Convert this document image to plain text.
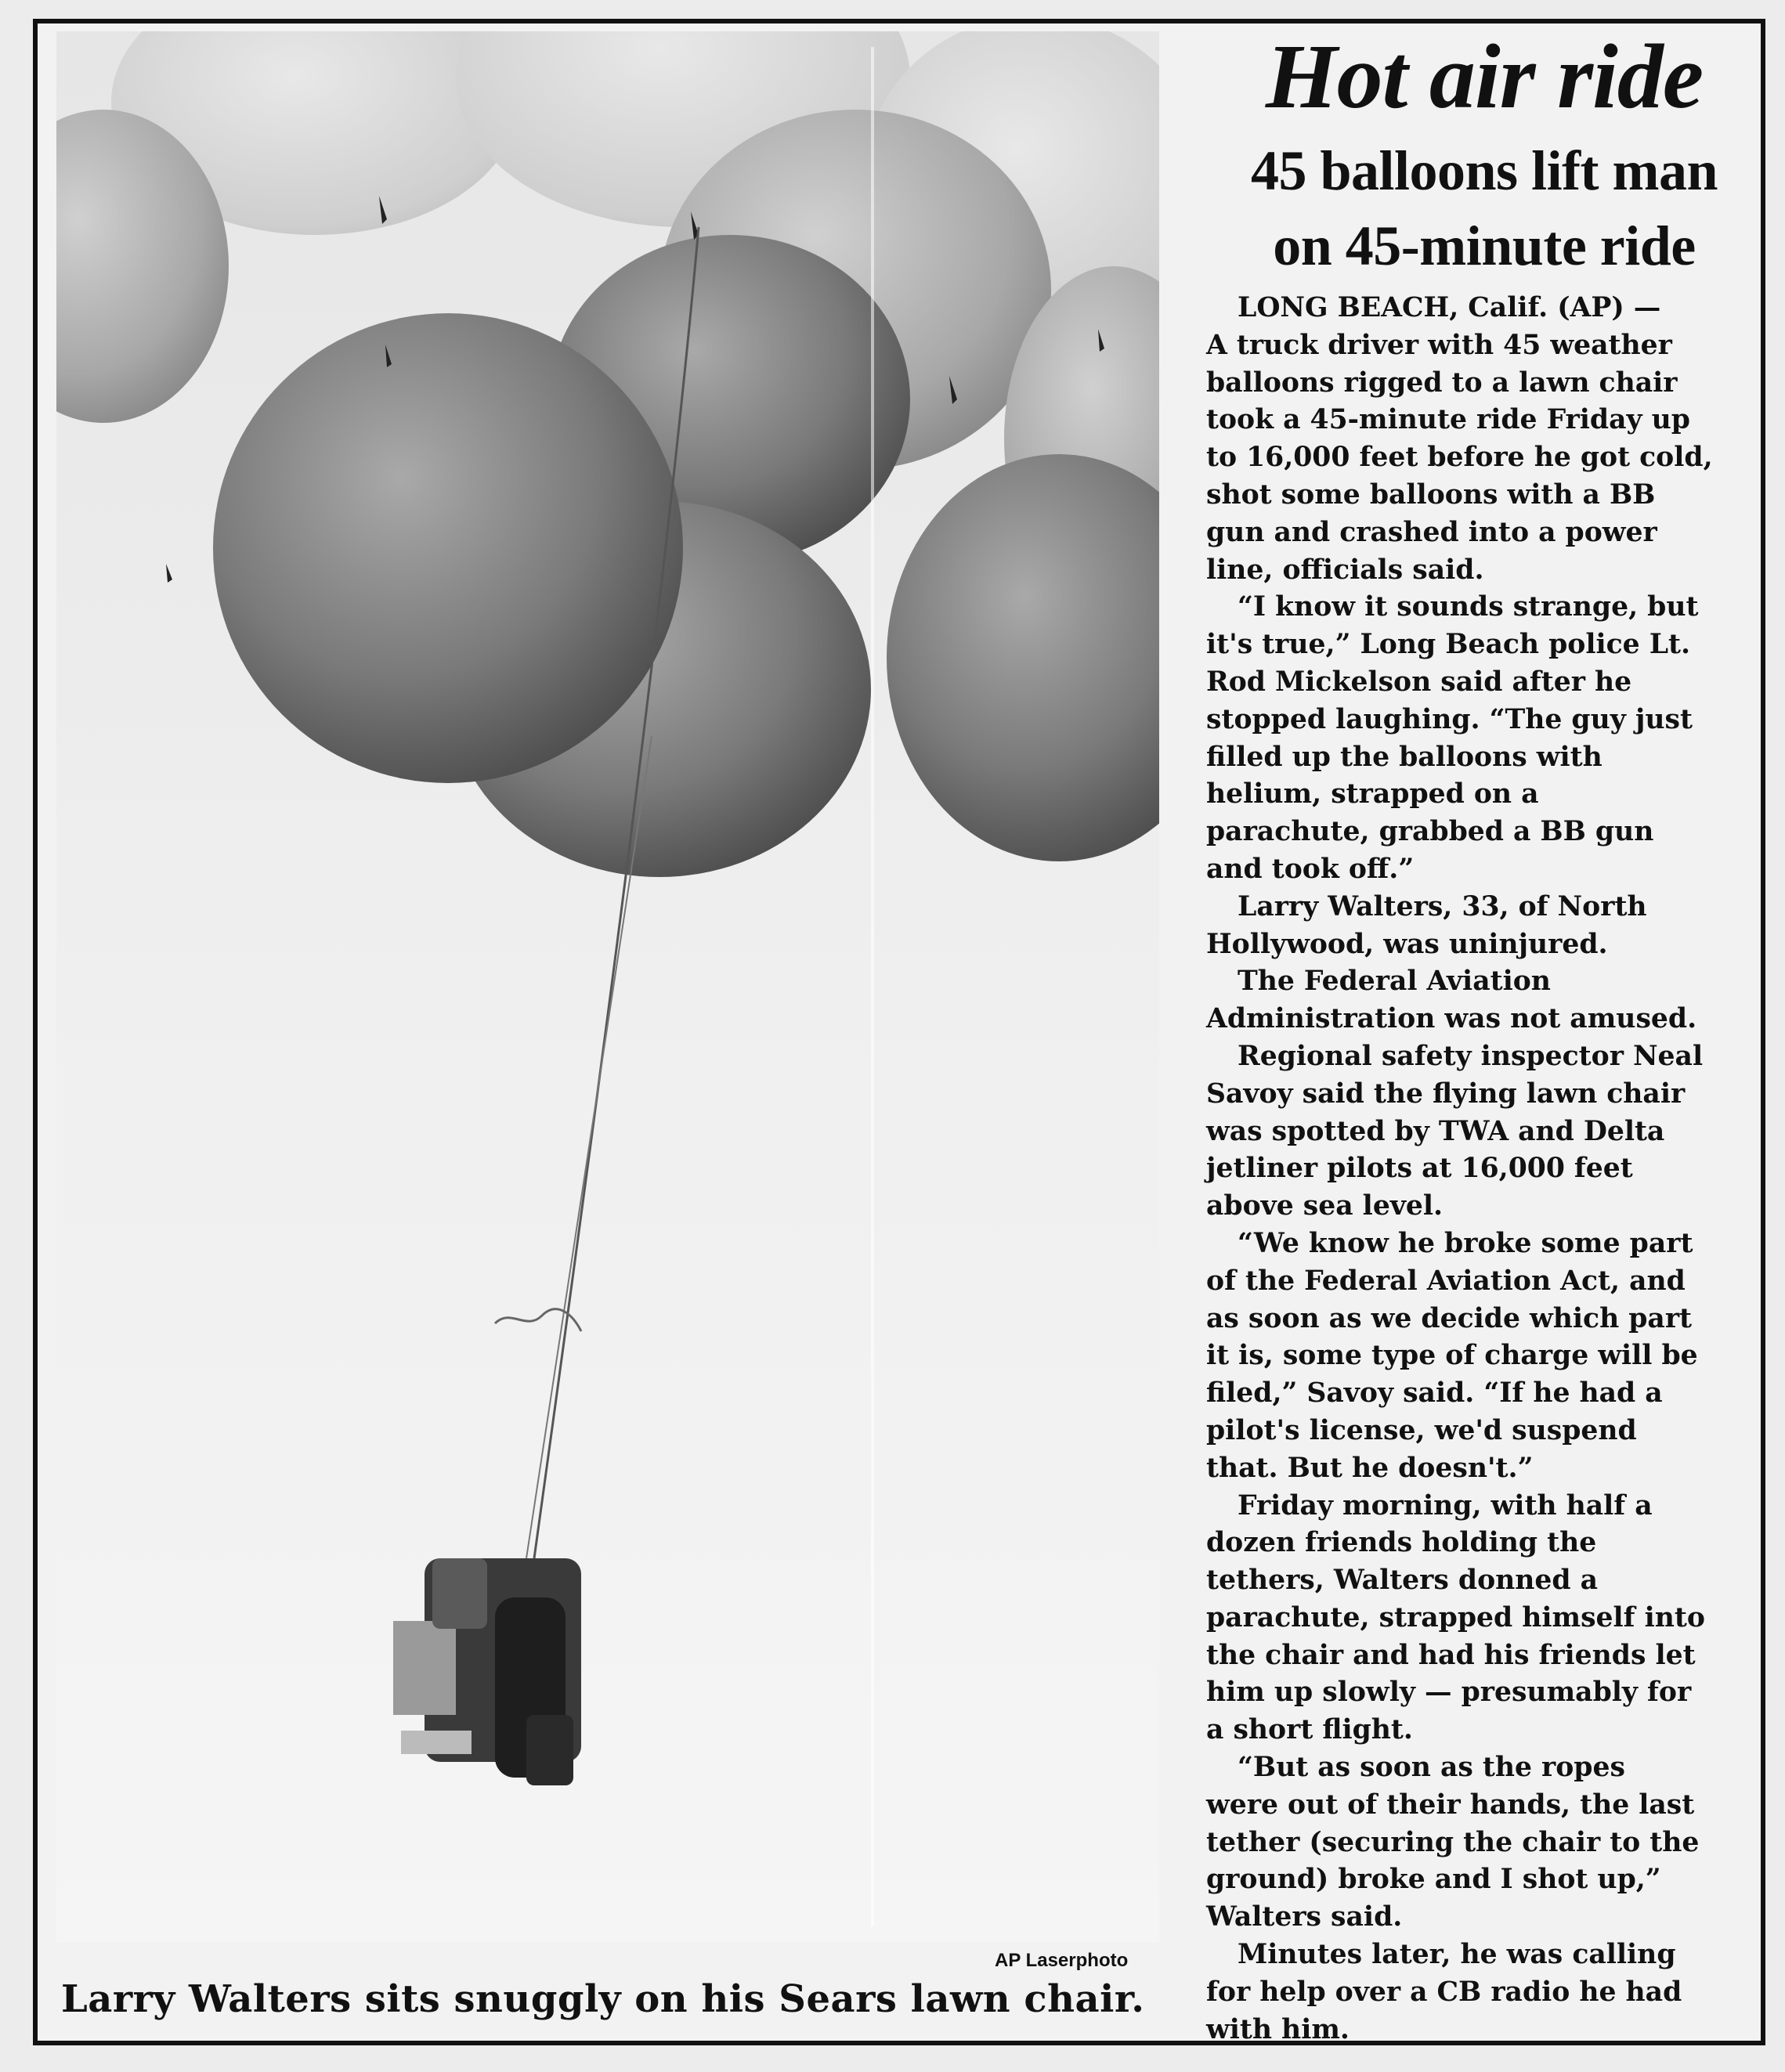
AP Laserphoto
Larry Walters sits snuggly on his Sears lawn chair.
Hot air ride
45 balloons lift man
on 45-minute ride

LONG BEACH, Calif. (AP) —
A truck driver with 45 weather
balloons rigged to a lawn chair
took a 45-minute ride Friday up
to 16,000 feet before he got cold,
shot some balloons with a BB
gun and crashed into a power
line, officials said.

“I know it sounds strange, but
it's true,” Long Beach police Lt.
Rod Mickelson said after he
stopped laughing. “The guy just
filled up the balloons with
helium, strapped on a
parachute, grabbed a BB gun
and took off.”

Larry Walters, 33, of North
Hollywood, was uninjured.

The Federal Aviation
Administration was not amused.

Regional safety inspector Neal
Savoy said the flying lawn chair
was spotted by TWA and Delta
jetliner pilots at 16,000 feet
above sea level.

“We know he broke some part
of the Federal Aviation Act, and
as soon as we decide which part
it is, some type of charge will be
filed,” Savoy said. “If he had a
pilot's license, we'd suspend
that. But he doesn't.”

Friday morning, with half a
dozen friends holding the
tethers, Walters donned a
parachute, strapped himself into
the chair and had his friends let
him up slowly — presumably for
a short flight.

“But as soon as the ropes
were out of their hands, the last
tether (securing the chair to the
ground) broke and I shot up,”
Walters said.

Minutes later, he was calling
for help over a CB radio he had
with him.
